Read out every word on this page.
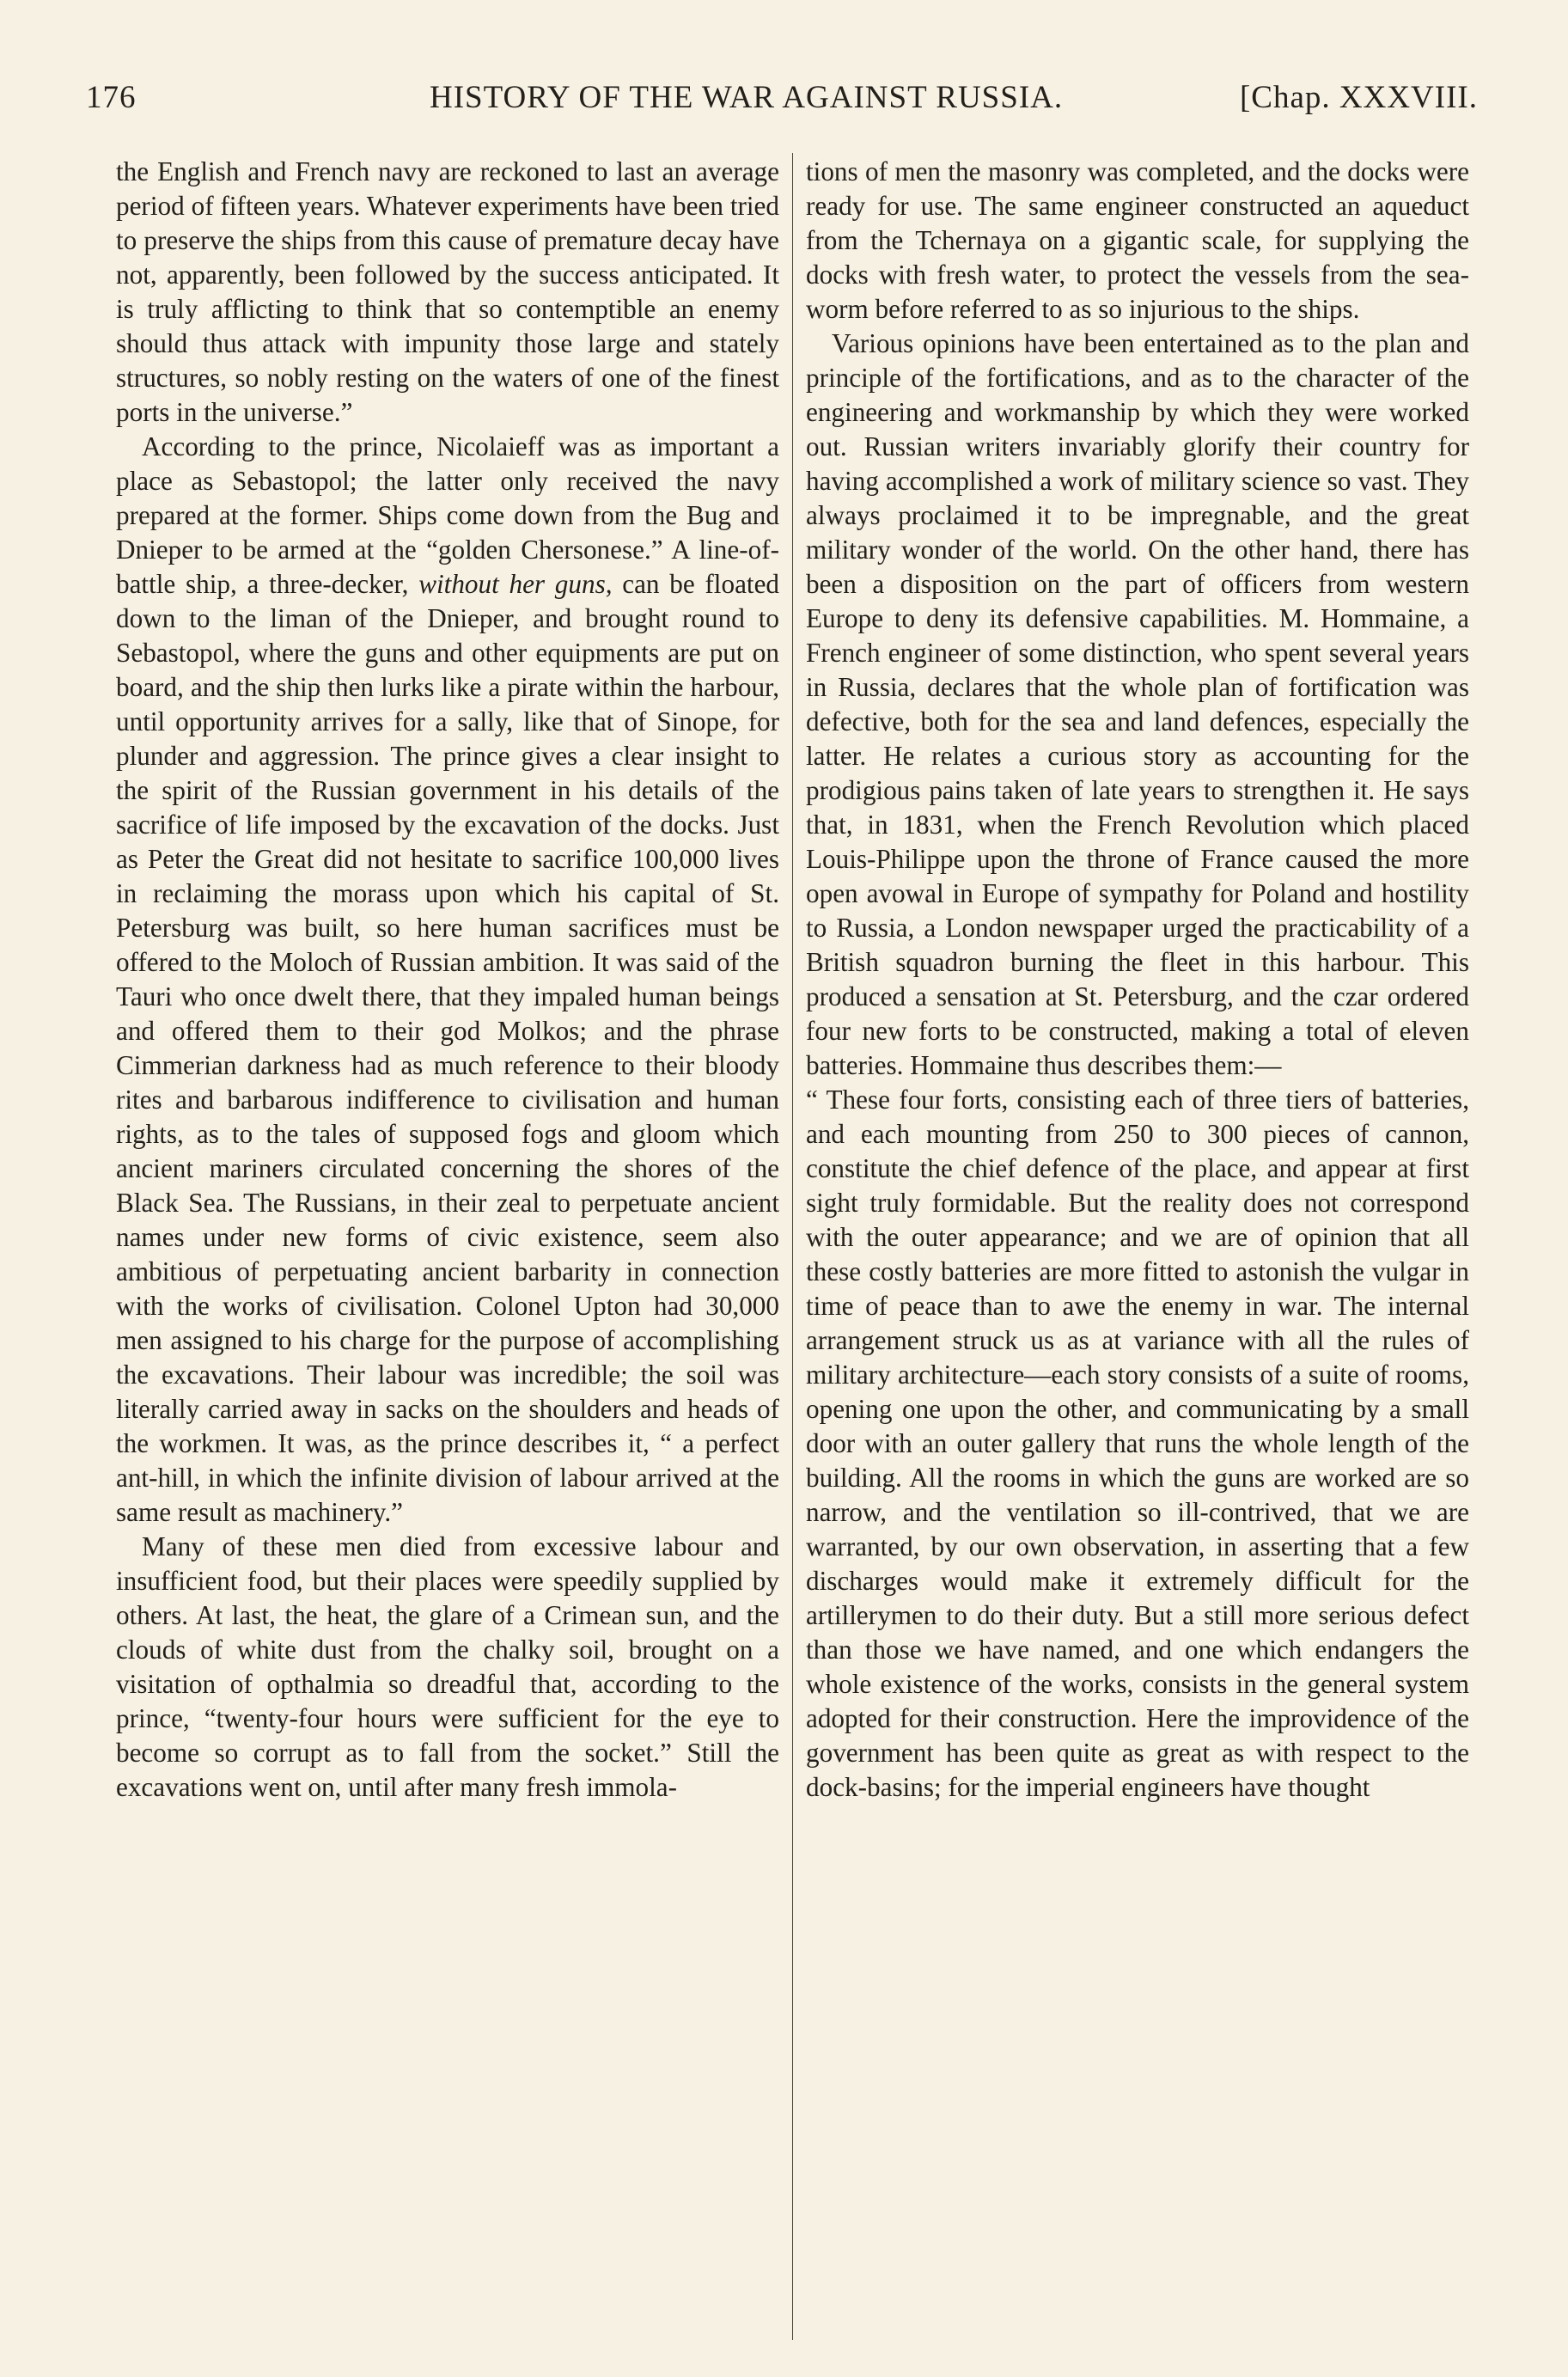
176	HISTORY OF THE WAR AGAINST RUSSIA.	[Chap. XXXVIII.

the English and French navy are reckoned to last an average period of fifteen years. Whatever experiments have been tried to preserve the ships from this cause of premature decay have not, apparently, been followed by the success anticipated. It is truly afflicting to think that so contemptible an enemy should thus attack with impunity those large and stately structures, so nobly resting on the waters of one of the finest ports in the universe.”

According to the prince, Nicolaieff was as important a place as Sebastopol; the latter only received the navy prepared at the former. Ships come down from the Bug and Dnieper to be armed at the “golden Chersonese.” A line-of-battle ship, a three-decker, without her guns, can be floated down to the liman of the Dnieper, and brought round to Sebastopol, where the guns and other equipments are put on board, and the ship then lurks like a pirate within the harbour, until opportunity arrives for a sally, like that of Sinope, for plunder and aggression. The prince gives a clear insight to the spirit of the Russian government in his details of the sacrifice of life imposed by the excavation of the docks. Just as Peter the Great did not hesitate to sacrifice 100,000 lives in reclaiming the morass upon which his capital of St. Petersburg was built, so here human sacrifices must be offered to the Moloch of Russian ambition. It was said of the Tauri who once dwelt there, that they impaled human beings and offered them to their god Molkos; and the phrase Cimmerian darkness had as much reference to their bloody rites and barbarous indifference to civilisation and human rights, as to the tales of supposed fogs and gloom which ancient mariners circulated concerning the shores of the Black Sea. The Russians, in their zeal to perpetuate ancient names under new forms of civic existence, seem also ambitious of perpetuating ancient barbarity in connection with the works of civilisation. Colonel Upton had 30,000 men assigned to his charge for the purpose of accomplishing the excavations. Their labour was incredible; the soil was literally carried away in sacks on the shoulders and heads of the workmen. It was, as the prince describes it, “ a perfect ant-hill, in which the infinite division of labour arrived at the same result as machinery.”

Many of these men died from excessive labour and insufficient food, but their places were speedily supplied by others. At last, the heat, the glare of a Crimean sun, and the clouds of white dust from the chalky soil, brought on a visitation of opthalmia so dreadful that, according to the prince, “twenty-four hours were sufficient for the eye to become so corrupt as to fall from the socket.” Still the excavations went on, until after many fresh immola-

tions of men the masonry was completed, and the docks were ready for use. The same engineer constructed an aqueduct from the Tchernaya on a gigantic scale, for supplying the docks with fresh water, to protect the vessels from the sea-worm before referred to as so injurious to the ships.

Various opinions have been entertained as to the plan and principle of the fortifications, and as to the character of the engineering and workmanship by which they were worked out. Russian writers invariably glorify their country for having accomplished a work of military science so vast. They always proclaimed it to be impregnable, and the great military wonder of the world. On the other hand, there has been a disposition on the part of officers from western Europe to deny its defensive capabilities. M. Hommaine, a French engineer of some distinction, who spent several years in Russia, declares that the whole plan of fortification was defective, both for the sea and land defences, especially the latter. He relates a curious story as accounting for the prodigious pains taken of late years to strengthen it. He says that, in 1831, when the French Revolution which placed Louis-Philippe upon the throne of France caused the more open avowal in Europe of sympathy for Poland and hostility to Russia, a London newspaper urged the practicability of a British squadron burning the fleet in this harbour. This produced a sensation at St. Petersburg, and the czar ordered four new forts to be constructed, making a total of eleven batteries. Hommaine thus describes them:—

“ These four forts, consisting each of three tiers of batteries, and each mounting from 250 to 300 pieces of cannon, constitute the chief defence of the place, and appear at first sight truly formidable. But the reality does not correspond with the outer appearance; and we are of opinion that all these costly batteries are more fitted to astonish the vulgar in time of peace than to awe the enemy in war. The internal arrangement struck us as at variance with all the rules of military architecture—each story consists of a suite of rooms, opening one upon the other, and communicating by a small door with an outer gallery that runs the whole length of the building. All the rooms in which the guns are worked are so narrow, and the ventilation so ill-contrived, that we are warranted, by our own observation, in asserting that a few discharges would make it extremely difficult for the artillerymen to do their duty. But a still more serious defect than those we have named, and one which endangers the whole existence of the works, consists in the general system adopted for their construction. Here the improvidence of the government has been quite as great as with respect to the dock-basins; for the imperial engineers have thought
